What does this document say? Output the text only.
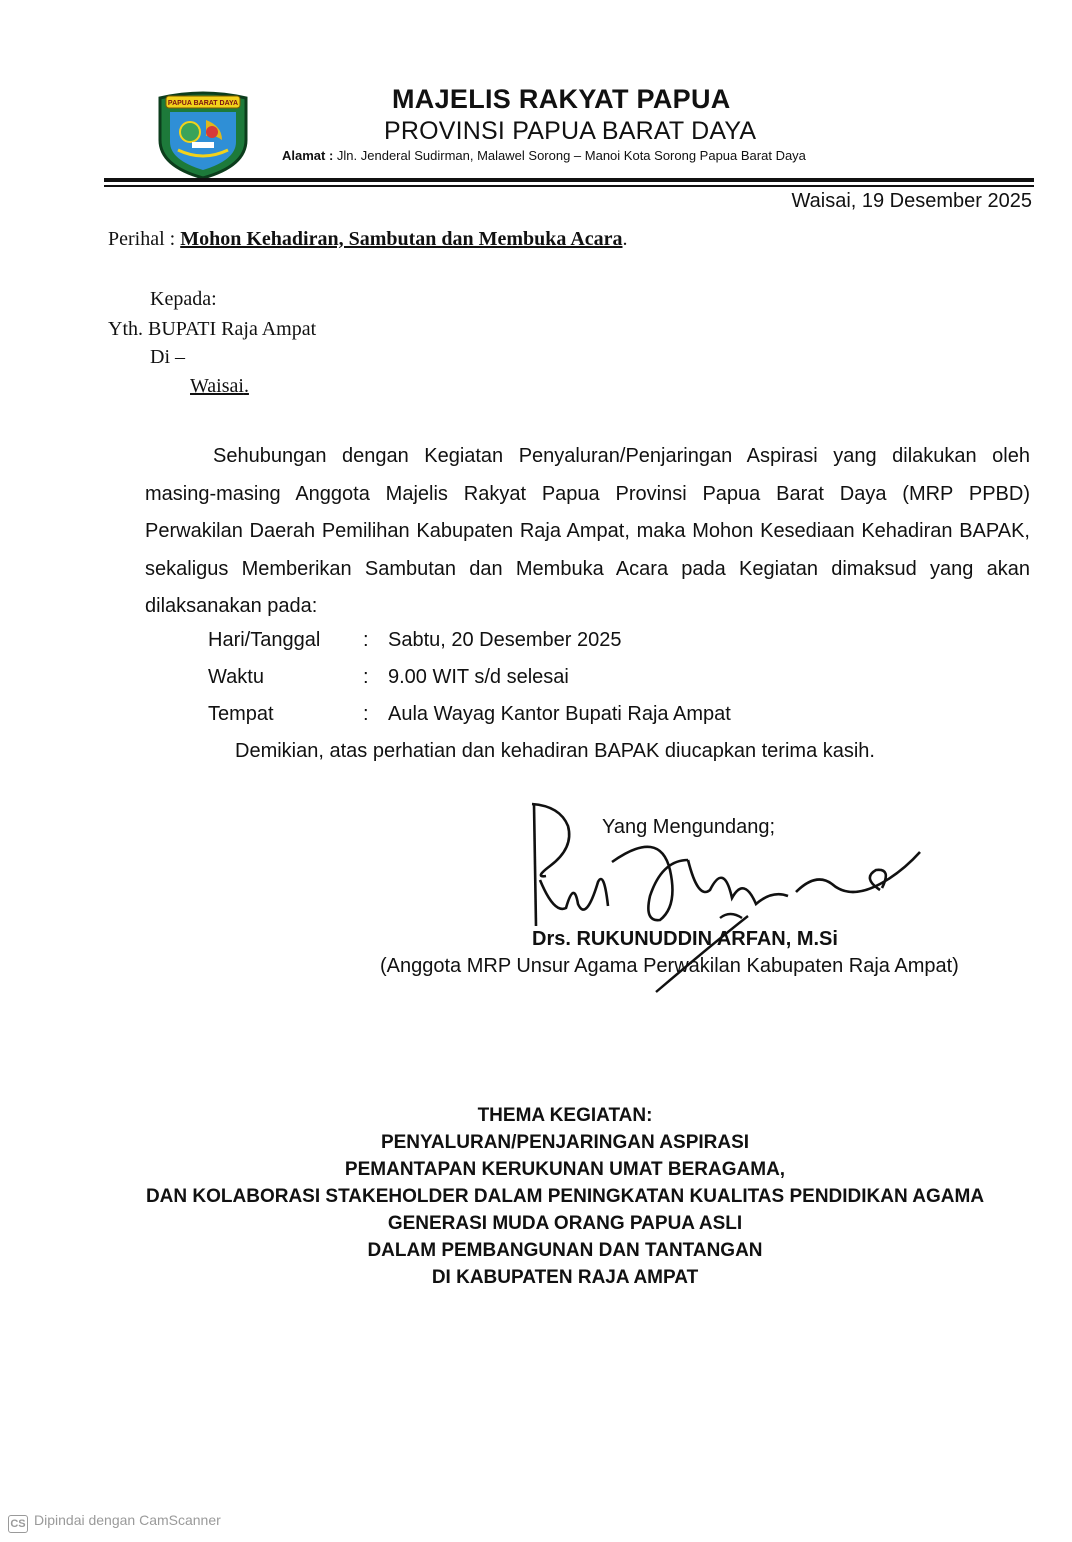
PAPUA BARAT DAYA	MAJELIS RAKYAT PAPUA
PROVINSI PAPUA BARAT DAYA
Alamat : Jln. Jenderal Sudirman, Malawel Sorong – Manoi Kota Sorong Papua Barat Daya
Waisai, 19 Desember 2025
Perihal : Mohon Kehadiran, Sambutan dan Membuka Acara.
Kepada:
Yth. BUPATI Raja Ampat
Di –
Waisai.
Sehubungan dengan Kegiatan Penyaluran/Penjaringan Aspirasi yang dilakukan oleh masing-masing Anggota Majelis Rakyat Papua Provinsi Papua Barat Daya (MRP PPBD) Perwakilan Daerah Pemilihan Kabupaten Raja Ampat, maka Mohon Kesediaan Kehadiran BAPAK, sekaligus Memberikan Sambutan dan Membuka Acara pada Kegiatan dimaksud yang akan dilaksanakan pada:
Hari/Tanggal : Sabtu, 20 Desember 2025
Waktu	: 9.00 WIT s/d selesai
Tempat	: Aula Wayag Kantor Bupati Raja Ampat
Demikian, atas perhatian dan kehadiran BAPAK diucapkan terima kasih.
Yang Mengundang;
Drs. RUKUNUDDIN ARFAN, M.Si
(Anggota MRP Unsur Agama Perwakilan Kabupaten Raja Ampat)
THEMA KEGIATAN:
PENYALURAN/PENJARINGAN ASPIRASI
PEMANTAPAN KERUKUNAN UMAT BERAGAMA,
DAN KOLABORASI STAKEHOLDER DALAM PENINGKATAN KUALITAS PENDIDIKAN AGAMA
GENERASI MUDA ORANG PAPUA ASLI
DALAM PEMBANGUNAN DAN TANTANGAN
DI KABUPATEN RAJA AMPAT
CS Dipindai dengan CamScanner
